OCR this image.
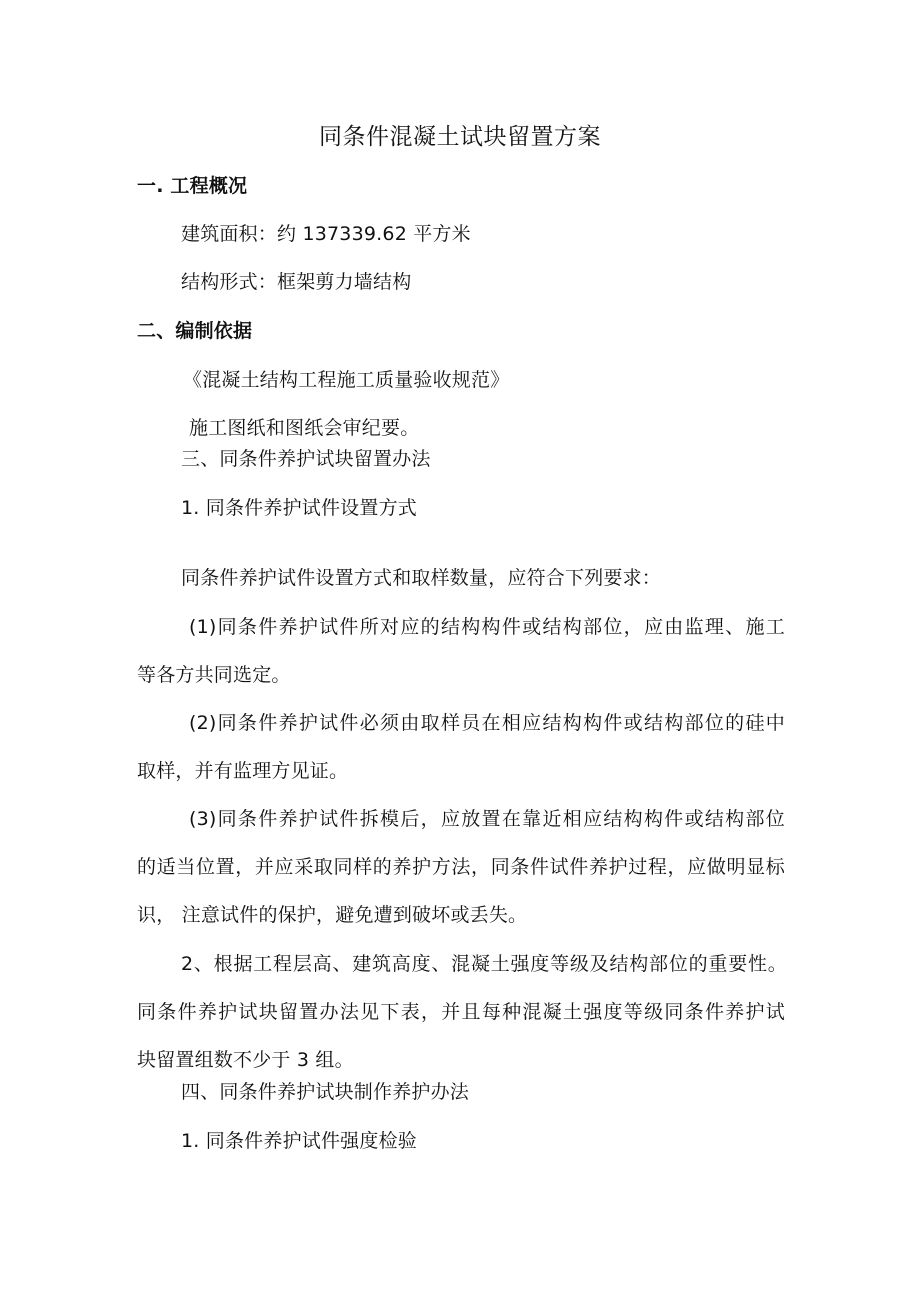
同条件混凝土试块留置方案
一. 工程概况
建筑面积：约 137339.62 平方米
结构形式：框架剪力墙结构
二、编制依据
《混凝土结构工程施工质量验收规范》
施工图纸和图纸会审纪要。
三、同条件养护试块留置办法
1. 同条件养护试件设置方式
同条件养护试件设置方式和取样数量，应符合下列要求：
(1)同条件养护试件所对应的结构构件或结构部位，应由监理、施工
等各方共同选定。
(2)同条件养护试件必须由取样员在相应结构构件或结构部位的硅中
取样，并有监理方见证。
(3)同条件养护试件拆模后，应放置在靠近相应结构构件或结构部位
的适当位置，并应采取同样的养护方法，同条件试件养护过程，应做明显标
识， 注意试件的保护，避免遭到破坏或丢失。
2、根据工程层高、建筑高度、混凝土强度等级及结构部位的重要性。
同条件养护试块留置办法见下表，并且每种混凝土强度等级同条件养护试
块留置组数不少于 3 组。
四、同条件养护试块制作养护办法
1. 同条件养护试件强度检验
